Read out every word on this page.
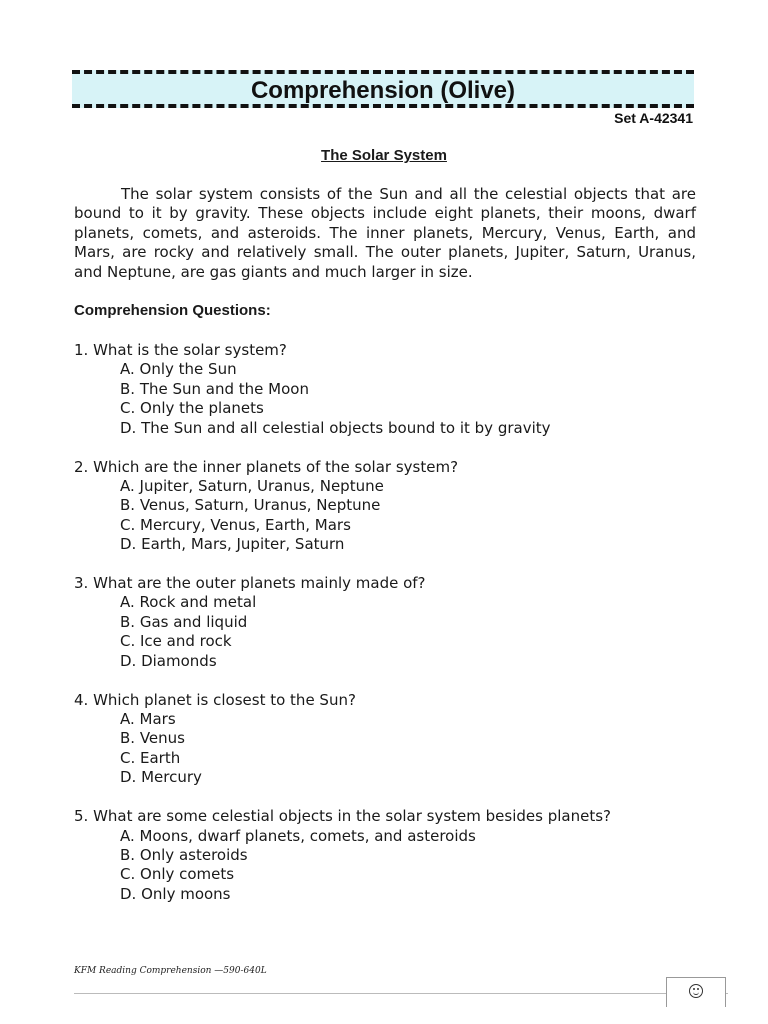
Comprehension (Olive)
Set A-42341
The Solar System
The solar system consists of the Sun and all the celestial objects that are bound to it by gravity. These objects include eight planets, their moons, dwarf planets, comets, and asteroids. The inner planets, Mercury, Venus, Earth, and Mars, are rocky and relatively small. The outer planets, Jupiter, Saturn, Uranus, and Neptune, are gas giants and much larger in size.
Comprehension Questions:
1. What is the solar system?
A. Only the Sun
B. The Sun and the Moon
C. Only the planets
D. The Sun and all celestial objects bound to it by gravity
2. Which are the inner planets of the solar system?
A. Jupiter, Saturn, Uranus, Neptune
B. Venus, Saturn, Uranus, Neptune
C. Mercury, Venus, Earth, Mars
D. Earth, Mars, Jupiter, Saturn
3. What are the outer planets mainly made of?
A. Rock and metal
B. Gas and liquid
C. Ice and rock
D. Diamonds
4. Which planet is closest to the Sun?
A. Mars
B. Venus
C. Earth
D. Mercury
5. What are some celestial objects in the solar system besides planets?
A. Moons, dwarf planets, comets, and asteroids
B. Only asteroids
C. Only comets
D. Only moons
KFM Reading Comprehension —590-640L
